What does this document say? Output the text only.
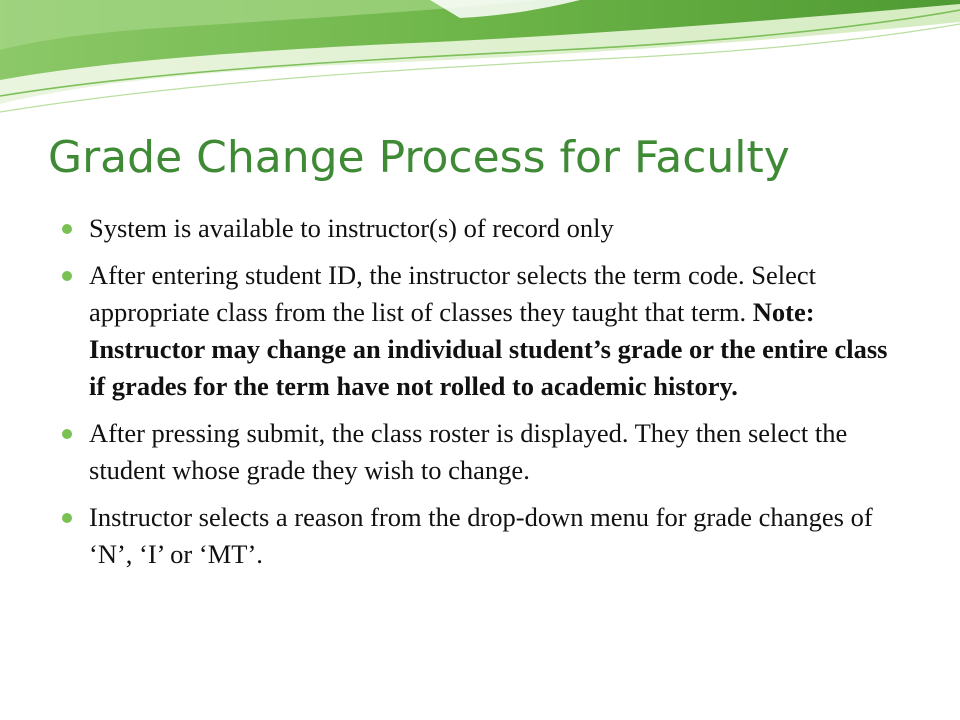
Grade Change Process for Faculty
System is available to instructor(s) of record only
After entering student ID, the instructor selects the term code. Select appropriate class from the list of classes they taught that term. Note: Instructor may change an individual student’s grade or the entire class if grades for the term have not rolled to academic history.
After pressing submit, the class roster is displayed. They then select the student whose grade they wish to change.
Instructor selects a reason from the drop-down menu for grade changes of ‘N’, ‘I’ or ‘MT’.
